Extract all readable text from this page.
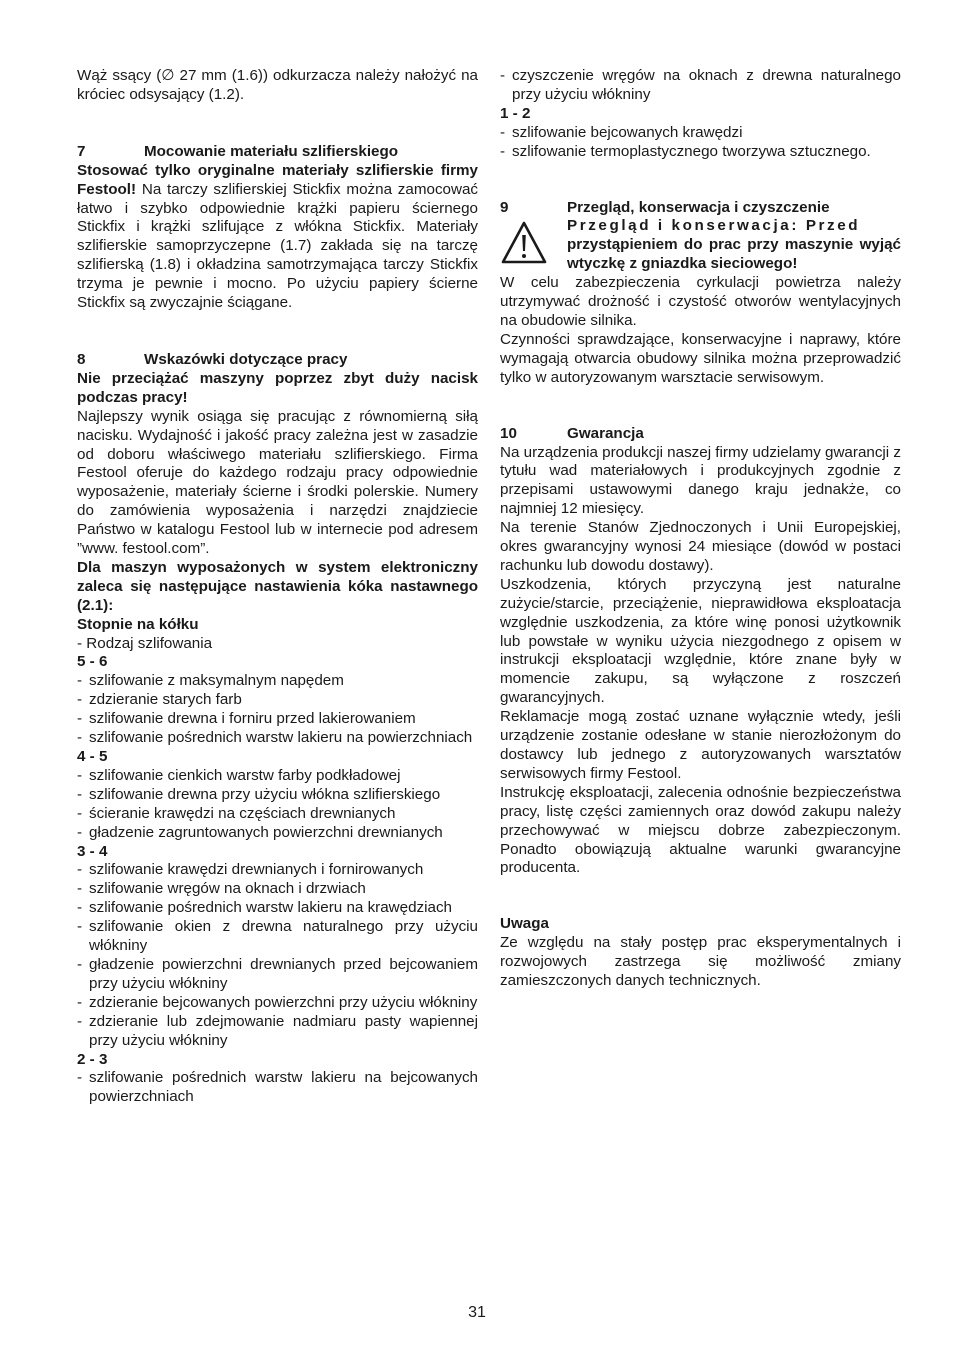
Wąż ssący (∅ 27 mm (1.6)) odkurzacza należy nałożyć na króciec odsysający (1.2).

7	Mocowanie materiału szlifierskiego

Stosować tylko oryginalne materiały szlifierskie firmy Festool! Na tarczy szlifierskiej Stickfix można zamocować łatwo i szybko odpowiednie krążki papieru ściernego Stickfix i krążki szlifujące z włókna Stickfix. Materiały szlifierskie samoprzyczepne (1.7) zakłada się na tarczę szlifierską (1.8) i okładzina samotrzymająca tarczy Stickfix trzyma je pewnie i mocno. Po użyciu papiery ścierne Stickfix są zwyczajnie ściągane.

8	Wskazówki dotyczące pracy

Nie przeciążać maszyny poprzez zbyt duży nacisk podczas pracy!

Najlepszy wynik osiąga się pracując z równomierną siłą nacisku. Wydajność i jakość pracy zależna jest w zasadzie od doboru właściwego materiału szlifierskiego. Firma Festool oferuje do każdego rodzaju pracy odpowiednie wyposażenie, materiały ścierne i środki polerskie. Numery do zamówienia wyposażenia i narzędzi znajdziecie Państwo w katalogu Festool lub w internecie pod adresem ”www. festool.com”.

Dla maszyn wyposażonych w system elektroniczny zaleca się następujące nastawienia kóka nastawnego (2.1):

Stopnie na kółku

- Rodzaj szlifowania

5 - 6

- szlifowanie z maksymalnym napędem
- zdzieranie starych farb
- szlifowanie drewna i forniru przed lakierowaniem
- szlifowanie pośrednich warstw lakieru na powierzchniach

4 - 5

- szlifowanie cienkich warstw farby podkładowej
- szlifowanie drewna przy użyciu włókna szlifierskiego
- ścieranie krawędzi na częściach drewnianych
- gładzenie zagruntowanych powierzchni drewnianych

3 - 4

- szlifowanie krawędzi drewnianych i fornirowanych
- szlifowanie wręgów na oknach i drzwiach
- szlifowanie pośrednich warstw lakieru na krawędziach
- szlifowanie okien z drewna naturalnego przy użyciu włókniny
- gładzenie powierzchni drewnianych przed bejcowaniem przy użyciu włókniny
- zdzieranie bejcowanych powierzchni przy użyciu włókniny
- zdzieranie lub zdejmowanie nadmiaru pasty wapiennej przy użyciu włókniny

2 - 3

- szlifowanie pośrednich warstw lakieru na bejcowanych powierzchniach
- czyszczenie wręgów na oknach z drewna naturalnego przy użyciu włókniny

1 - 2

- szlifowanie bejcowanych krawędzi
- szlifowanie termoplastycznego tworzywa sztucznego.
9	Przegląd, konserwacja i czyszczenie

Przegląd i konserwacja: Przed

przystąpieniem do prac przy maszynie wyjąć wtyczkę z gniazdka sieciowego!

W celu zabezpieczenia cyrkulacji powietrza należy utrzymywać drożność i czystość otworów wentylacyjnych na obudowie silnika.

Czynności sprawdzające, konserwacyjne i naprawy, które wymagają otwarcia obudowy silnika można przeprowadzić tylko w autoryzowanym warsztacie serwisowym.

10	Gwarancja

Na urządzenia produkcji naszej firmy udzielamy gwarancji z tytułu wad materiałowych i produkcyjnych zgodnie z przepisami ustawowymi danego kraju jednakże, co najmniej 12 miesięcy.

Na terenie Stanów Zjednoczonych i Unii Europejskiej, okres gwarancyjny wynosi 24 miesiące (dowód w postaci rachunku lub dowodu dostawy).

Uszkodzenia, których przyczyną jest naturalne zużycie/starcie, przeciążenie, nieprawidłowa eksploatacja względnie uszkodzenia, za które winę ponosi użytkownik lub powstałe w wyniku użycia niezgodnego z opisem w instrukcji eksploatacji względnie, które znane były w momencie zakupu, są wyłączone z roszczeń gwarancyjnych.

Reklamacje mogą zostać uznane wyłącznie wtedy, jeśli urządzenie zostanie odesłane w stanie nierozłożonym do dostawcy lub jednego z autoryzowanych warsztatów serwisowych firmy Festool.

Instrukcję eksploatacji, zalecenia odnośnie bezpieczeństwa pracy, listę części zamiennych oraz dowód zakupu należy przechowywać w miejscu dobrze zabezpieczonym. Ponadto obowiązują aktualne warunki gwarancyjne producenta.

Uwaga

Ze względu na stały postęp prac eksperymentalnych i rozwojowych zastrzega się możliwość zmiany zamieszczonych danych technicznych.

31
